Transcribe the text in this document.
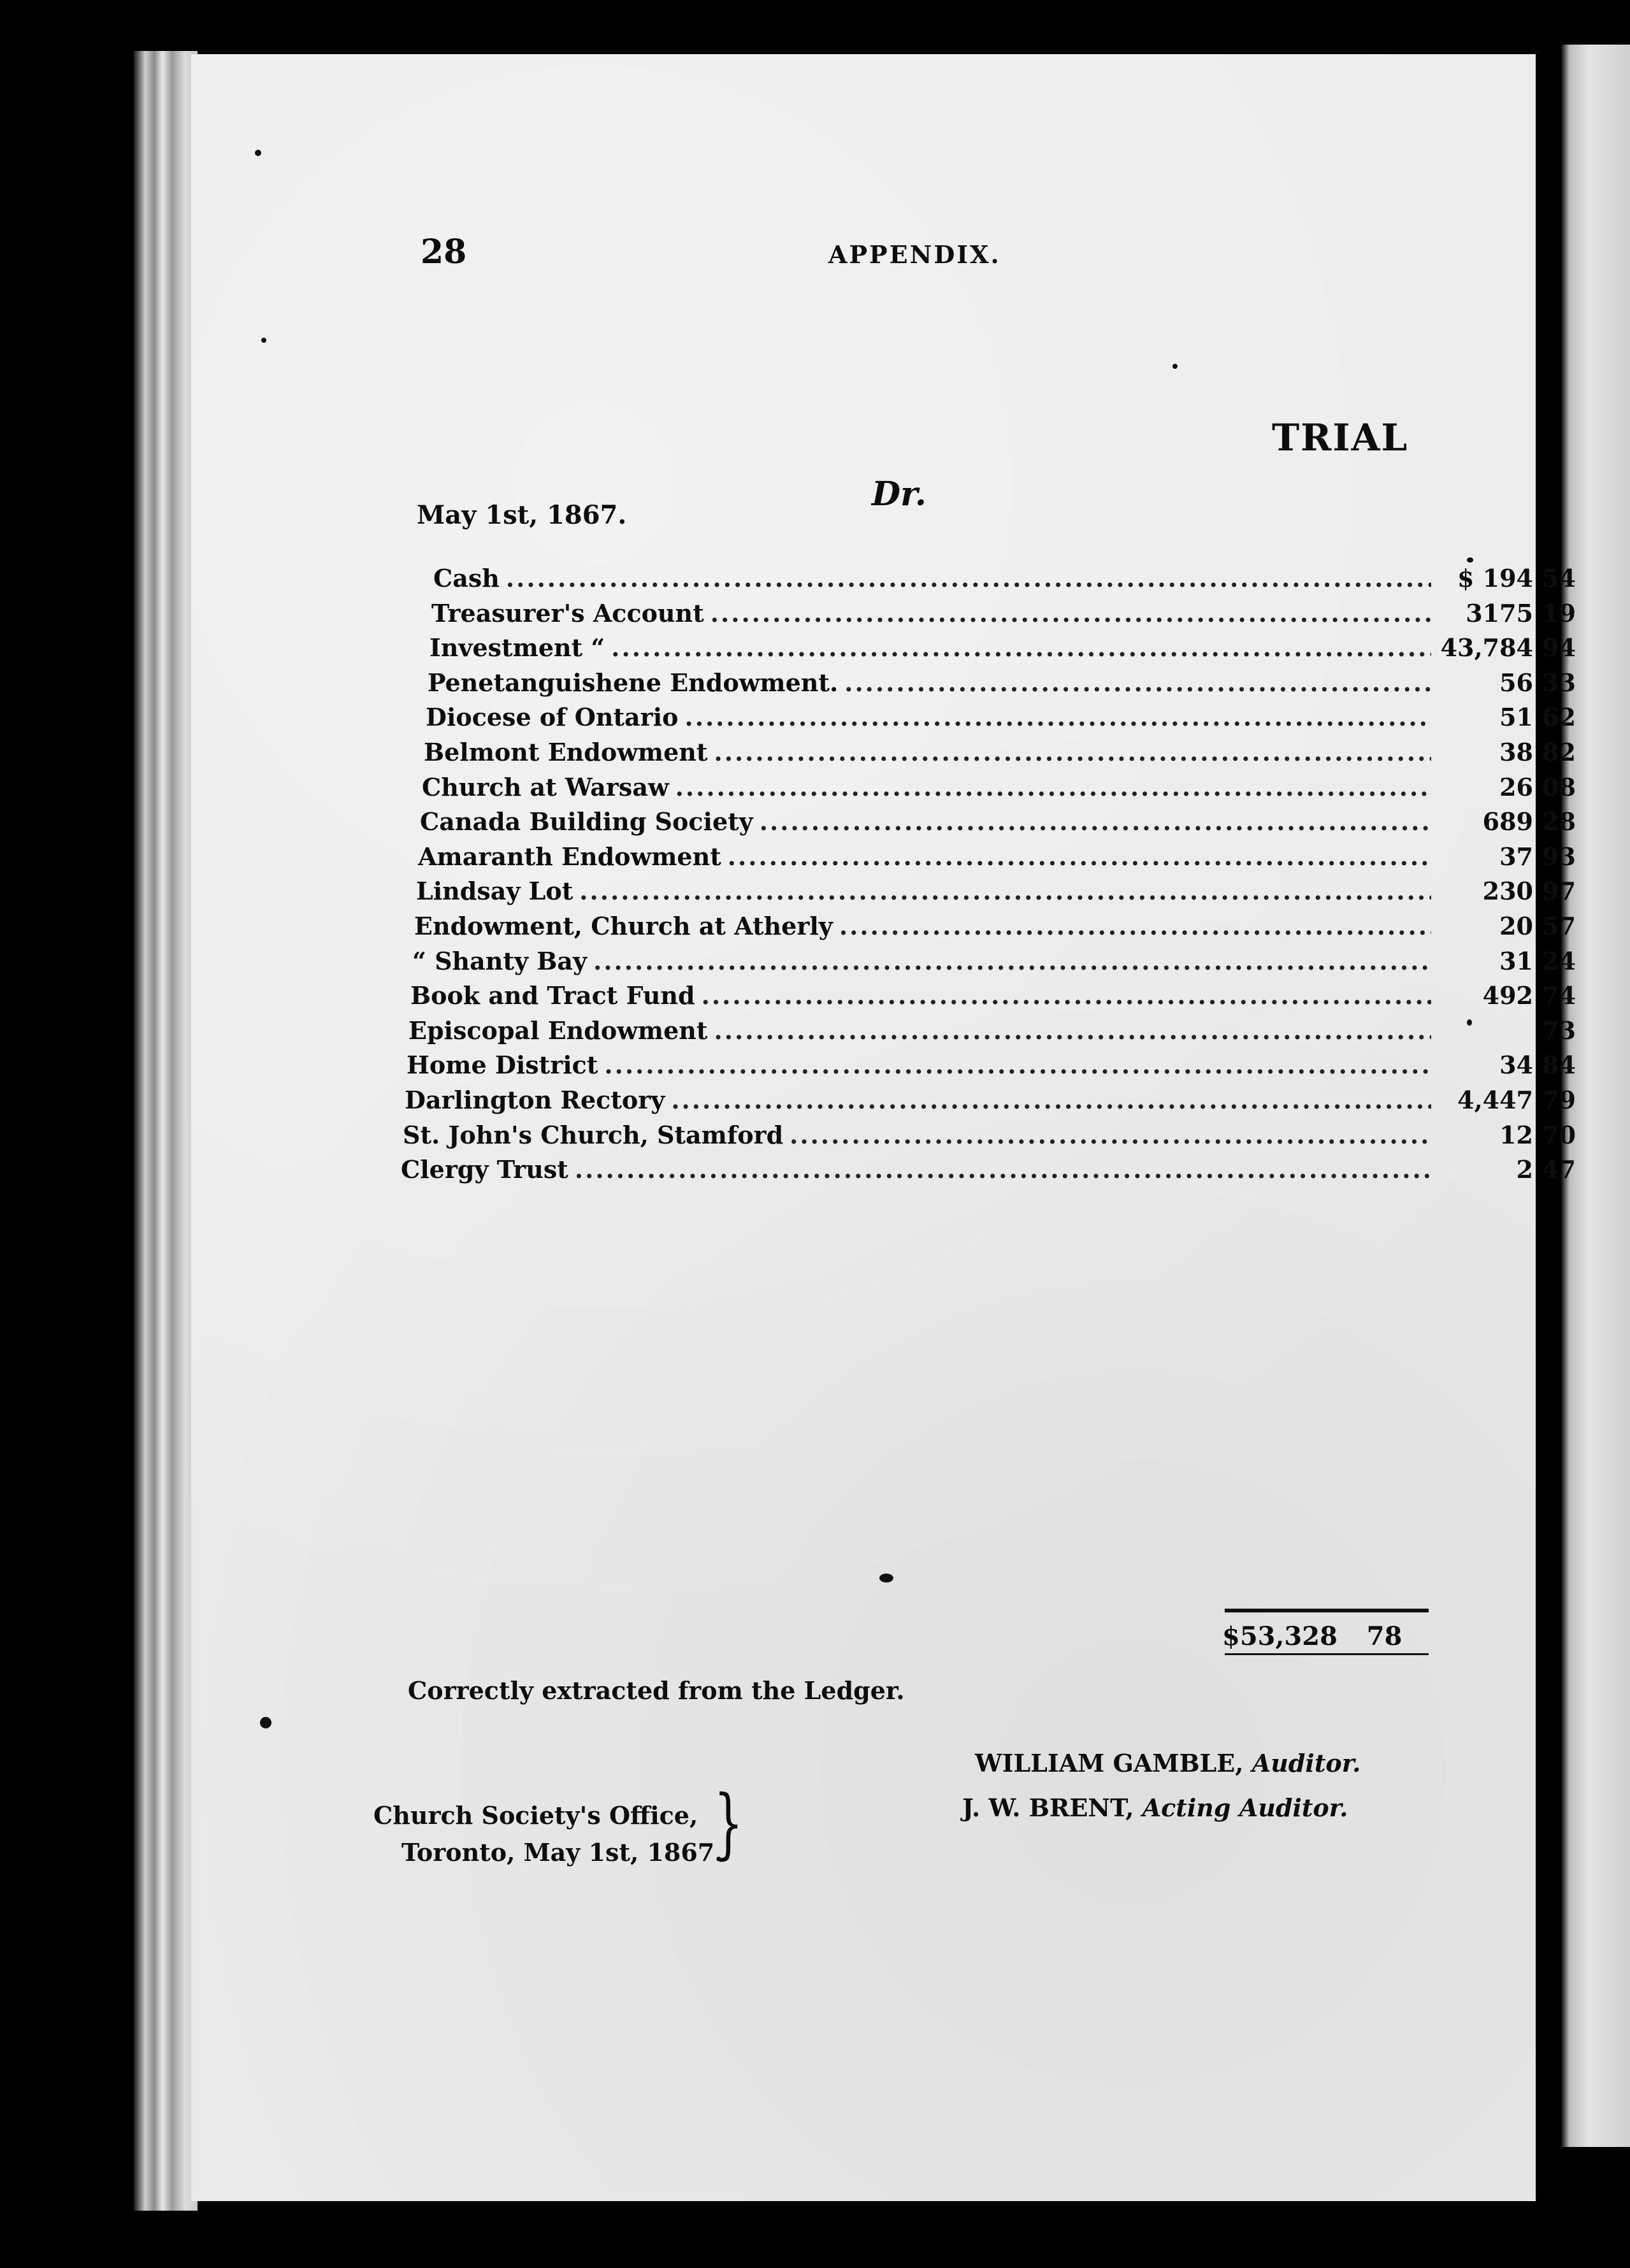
28	APPENDIX.
TRIAL
Dr.
May 1st, 1867.
Cash .....	$ 194 54
Treasurer's Account .....	3175 19
Investment “ .....	43,784 94
Penetanguishene Endowment. .....	56 33
Diocese of Ontario .....	51 62
Belmont Endowment .....	38 82
Church at Warsaw .....	26 08
Canada Building Society .....	689 28
Amaranth Endowment .....	37 93
Lindsay Lot .....	230 97
Endowment, Church at Atherly .....	20 57
“ Shanty Bay .....	31 24
Book and Tract Fund .....	492 74
Episcopal Endowment .....	73
Home District .....	34 84
Darlington Rectory .....	4,447 79
St. John's Church, Stamford .....	12 70
Clergy Trust .....	2 47
$53,328 78
Correctly extracted from the Ledger.
WILLIAM GAMBLE, Auditor.
J. W. BRENT, Acting Auditor.
Church Society's Office,
Toronto, May 1st, 1867.
}
